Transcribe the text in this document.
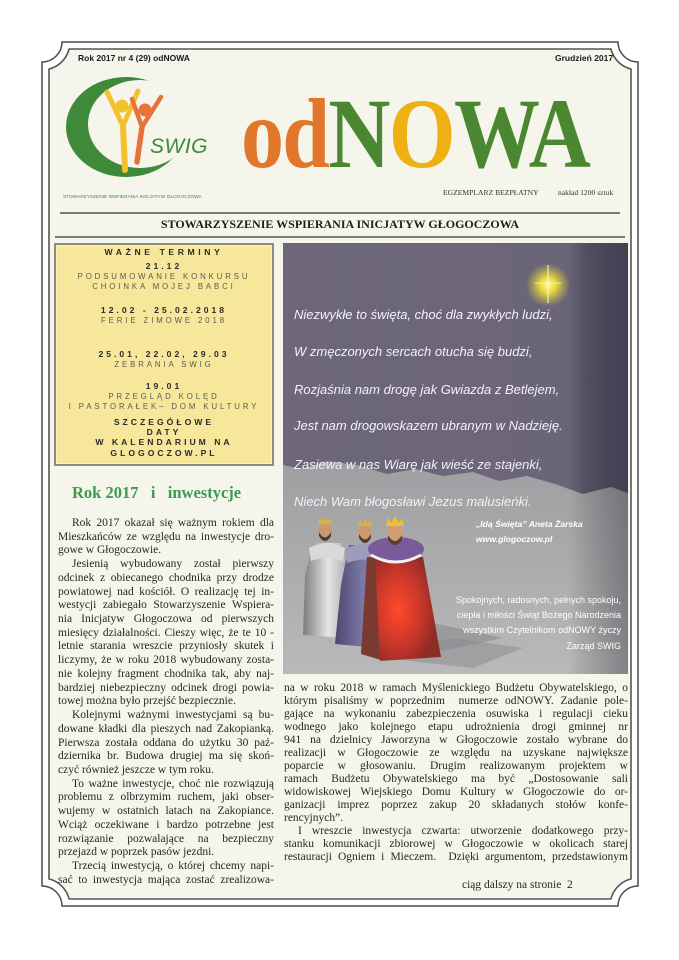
Rok 2017 nr 4 (29) odNOWA	Grudzień 2017
SWIG
STOWARZYSZENIE WSPIERANIA INICJATYW GŁOGOCZOWA
odNOWA
EGZEMPLARZ BEZPŁATNY	nakład 1200 sztuk
STOWARZYSZENIE WSPIERANIA INICJATYW GŁOGOCZOWA
WAŻNE TERMINY
21.12
PODSUMOWANIE KONKURSU
CHOINKA MOJEJ BABCI
12.02 - 25.02.2018
FERIE ZIMOWE 2018
25.01, 22.02, 29.03
ZEBRANIA SWIG
19.01
PRZEGLĄD KOLĘD
I PASTORAŁEK– DOM KULTURY
SZCZEGÓŁOWE
DATY
W KALENDARIUM NA
GLOGOCZOW.PL
Niezwykłe to święta, choć dla zwykłych ludzi,
W zmęczonych sercach otucha się budzi,
Rozjaśnia nam drogę jak Gwiazda z Betlejem,
Jest nam drogowskazem ubranym w Nadzieję.
Zasiewa w nas Wiarę jak wieść ze stajenki,
Niech Wam błogosławi Jezus malusieńki.
„Idą Święta” Aneta Żarska
www.glogoczow.pl
Spokojnych, radosnych, pełnych spokoju,
ciepła i miłości Świąt Bożego Narodzenia
wszystkim Czytelnikom odNOWY życzy
Zarząd SWIG
Rok 2017   i   inwestycje
Rok 2017 okazał się ważnym rokiem dla
Mieszkańców ze względu na inwestycje dro-
gowe w Głogoczowie.
Jesienią wybudowany został pierwszy
odcinek z obiecanego chodnika przy drodze
powiatowej nad kościół. O realizację tej in-
westycji zabiegało Stowarzyszenie Wspiera-
nia Inicjatyw Głogoczowa od pierwszych
miesięcy działalności. Cieszy więc, że te 10 -
letnie starania wreszcie przyniosły skutek i
liczymy, że w roku 2018 wybudowany zosta-
nie kolejny fragment chodnika tak, aby naj-
bardziej niebezpieczny odcinek drogi powia-
towej można było przejść bezpiecznie.
Kolejnymi ważnymi inwestycjami są bu-
dowane kładki dla pieszych nad Zakopianką.
Pierwsza została oddana do użytku 30 paź-
dziernika br. Budowa drugiej ma się skoń-
czyć również jeszcze w tym roku.
To ważne inwestycje, choć nie rozwiązują
problemu z olbrzymim ruchem, jaki obser-
wujemy w ostatnich latach na Zakopiance.
Wciąż oczekiwane i bardzo potrzebne jest
rozwiązanie pozwalające na bezpieczny
przejazd w poprzek pasów jezdni.
Trzecią inwestycją, o której chcemy napi-
sać to inwestycja mająca zostać zrealizowa-
na w roku 2018 w ramach Myślenickiego Budżetu Obywatelskiego, o
którym pisaliśmy w poprzednim  numerze odNOWY. Zadanie pole-
gające na wykonaniu zabezpieczenia osuwiska i regulacji cieku
wodnego jako kolejnego etapu udrożnienia drogi gminnej nr
941 na dzielnicy Jaworzyna w Głogoczowie zostało wybrane do
realizacji w Głogoczowie ze względu na uzyskane największe
poparcie w głosowaniu. Drugim realizowanym projektem w
ramach Budżetu Obywatelskiego ma być „Dostosowanie sali
widowiskowej Wiejskiego Domu Kultury w Głogoczowie do or-
ganizacji imprez poprzez zakup 20 składanych stołów konfe-
rencyjnych”.
I wreszcie inwestycja czwarta: utworzenie dodatkowego przy-
stanku komunikacji zbiorowej w Głogoczowie w okolicach starej
restauracji Ogniem i Mieczem.  Dzięki argumentom, przedstawionym
ciąg dalszy na stronie  2
